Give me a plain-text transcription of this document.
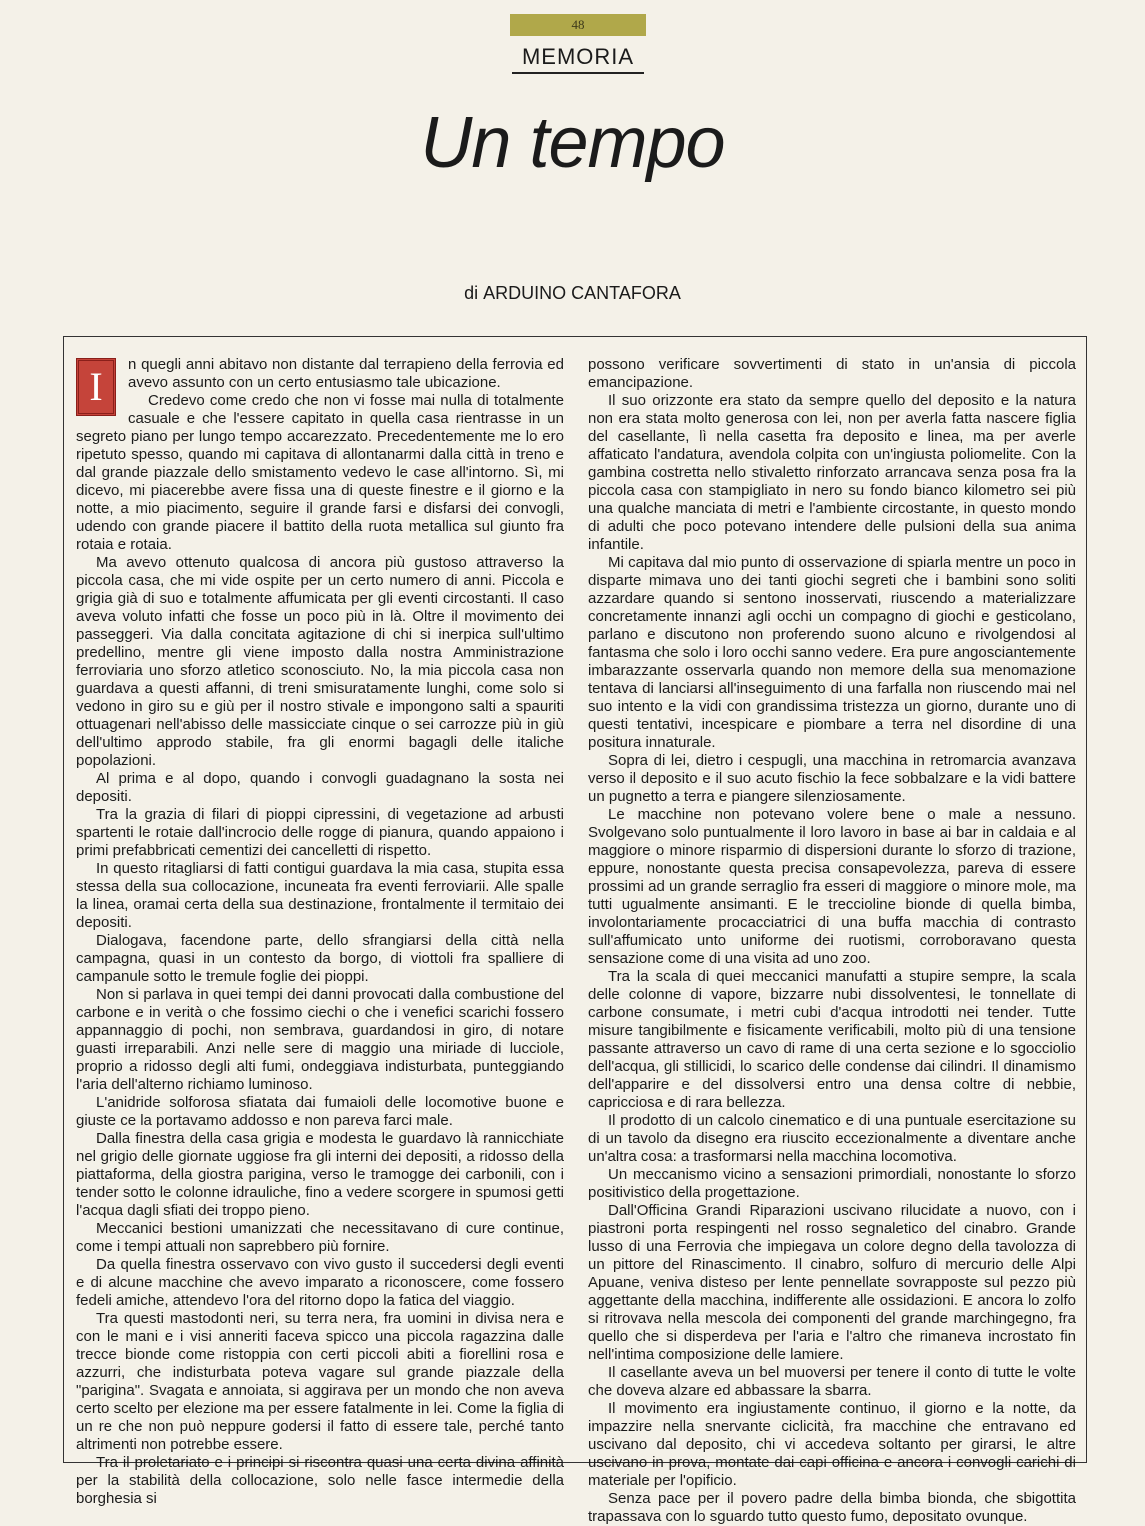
48
MEMORIA
Un tempo
di ARDUINO CANTAFORA
I	n quegli anni abitavo non distante dal terrapieno della ferrovia ed avevo assunto con un certo entusiasmo tale ubicazione.

Credevo come credo che non vi fosse mai nulla di totalmente casuale e che l'essere capitato in quella casa rientrasse in un segreto piano per lungo tempo accarezzato. Precedentemente me lo ero ripetuto spesso, quando mi capitava di allontanarmi dalla città in treno e dal grande piazzale dello smistamento vedevo le case all'intorno. Sì, mi dicevo, mi piacerebbe avere fissa una di queste finestre e il giorno e la notte, a mio piacimento, seguire il grande farsi e disfarsi dei convogli, udendo con grande piacere il battito della ruota metallica sul giunto fra rotaia e rotaia.

Ma avevo ottenuto qualcosa di ancora più gustoso attraverso la piccola casa, che mi vide ospite per un certo numero di anni. Piccola e grigia già di suo e totalmente affumicata per gli eventi circostanti. Il caso aveva voluto infatti che fosse un poco più in là. Oltre il movimento dei passeggeri. Via dalla concitata agitazione di chi si inerpica sull'ultimo predellino, mentre gli viene imposto dalla nostra Amministrazione ferroviaria uno sforzo atletico sconosciuto. No, la mia piccola casa non guardava a questi affanni, di treni smisuratamente lunghi, come solo si vedono in giro su e giù per il nostro stivale e impongono salti a spauriti ottuagenari nell'abisso delle massicciate cinque o sei carrozze più in giù dell'ultimo approdo stabile, fra gli enormi bagagli delle italiche popolazioni.

Al prima e al dopo, quando i convogli guadagnano la sosta nei depositi.

Tra la grazia di filari di pioppi cipressini, di vegetazione ad arbusti spartenti le rotaie dall'incrocio delle rogge di pianura, quando appaiono i primi prefabbricati cementizi dei cancelletti di rispetto.

In questo ritagliarsi di fatti contigui guardava la mia casa, stupita essa stessa della sua collocazione, incuneata fra eventi ferroviarii. Alle spalle la linea, oramai certa della sua destinazione, frontalmente il termitaio dei depositi.

Dialogava, facendone parte, dello sfrangiarsi della città nella campagna, quasi in un contesto da borgo, di viottoli fra spalliere di campanule sotto le tremule foglie dei pioppi.

Non si parlava in quei tempi dei danni provocati dalla combustione del carbone e in verità o che fossimo ciechi o che i venefici scarichi fossero appannaggio di pochi, non sembrava, guardandosi in giro, di notare guasti irreparabili. Anzi nelle sere di maggio una miriade di lucciole, proprio a ridosso degli alti fumi, ondeggiava indisturbata, punteggiando l'aria dell'alterno richiamo luminoso.

L'anidride solforosa sfiatata dai fumaioli delle locomotive buone e giuste ce la portavamo addosso e non pareva farci male.

Dalla finestra della casa grigia e modesta le guardavo là rannicchiate nel grigio delle giornate uggiose fra gli interni dei depositi, a ridosso della piattaforma, della giostra parigina, verso le tramogge dei carbonili, con i tender sotto le colonne idrauliche, fino a vedere scorgere in spumosi getti l'acqua dagli sfiati dei troppo pieno.

Meccanici bestioni umanizzati che necessitavano di cure continue, come i tempi attuali non saprebbero più fornire.

Da quella finestra osservavo con vivo gusto il succedersi degli eventi e di alcune macchine che avevo imparato a riconoscere, come fossero fedeli amiche, attendevo l'ora del ritorno dopo la fatica del viaggio.

Tra questi mastodonti neri, su terra nera, fra uomini in divisa nera e con le mani e i visi anneriti faceva spicco una piccola ragazzina dalle trecce bionde come ristoppia con certi piccoli abiti a fiorellini rosa e azzurri, che indisturbata poteva vagare sul grande piazzale della "parigina". Svagata e annoiata, si aggirava per un mondo che non aveva certo scelto per elezione ma per essere fatalmente in lei. Come la figlia di un re che non può neppure godersi il fatto di essere tale, perché tanto altrimenti non potrebbe essere.

Tra il proletariato e i principi si riscontra quasi una certa divina affinità per la stabilità della collocazione, solo nelle fasce intermedie della borghesia si

possono verificare sovvertimenti di stato in un'ansia di piccola emancipazione.

Il suo orizzonte era stato da sempre quello del deposito e la natura non era stata molto generosa con lei, non per averla fatta nascere figlia del casellante, lì nella casetta fra deposito e linea, ma per averle affaticato l'andatura, avendola colpita con un'ingiusta poliomelite. Con la gambina costretta nello stivaletto rinforzato arrancava senza posa fra la piccola casa con stampigliato in nero su fondo bianco kilometro sei più una qualche manciata di metri e l'ambiente circostante, in questo mondo di adulti che poco potevano intendere delle pulsioni della sua anima infantile.

Mi capitava dal mio punto di osservazione di spiarla mentre un poco in disparte mimava uno dei tanti giochi segreti che i bambini sono soliti azzardare quando si sentono inosservati, riuscendo a materializzare concretamente innanzi agli occhi un compagno di giochi e gesticolano, parlano e discutono non proferendo suono alcuno e rivolgendosi al fantasma che solo i loro occhi sanno vedere. Era pure angosciantemente imbarazzante osservarla quando non memore della sua menomazione tentava di lanciarsi all'inseguimento di una farfalla non riuscendo mai nel suo intento e la vidi con grandissima tristezza un giorno, durante uno di questi tentativi, incespicare e piombare a terra nel disordine di una positura innaturale.

Sopra di lei, dietro i cespugli, una macchina in retromarcia avanzava verso il deposito e il suo acuto fischio la fece sobbalzare e la vidi battere un pugnetto a terra e piangere silenziosamente.

Le macchine non potevano volere bene o male a nessuno. Svolgevano solo puntualmente il loro lavoro in base ai bar in caldaia e al maggiore o minore risparmio di dispersioni durante lo sforzo di trazione, eppure, nonostante questa precisa consapevolezza, pareva di essere prossimi ad un grande serraglio fra esseri di maggiore o minore mole, ma tutti ugualmente ansimanti. E le treccioline bionde di quella bimba, involontariamente procacciatrici di una buffa macchia di contrasto sull'affumicato unto uniforme dei ruotismi, corroboravano questa sensazione come di una visita ad uno zoo.

Tra la scala di quei meccanici manufatti a stupire sempre, la scala delle colonne di vapore, bizzarre nubi dissolventesi, le tonnellate di carbone consumate, i metri cubi d'acqua introdotti nei tender. Tutte misure tangibilmente e fisicamente verificabili, molto più di una tensione passante attraverso un cavo di rame di una certa sezione e lo sgocciolio dell'acqua, gli stillicidi, lo scarico delle condense dai cilindri. Il dinamismo dell'apparire e del dissolversi entro una densa coltre di nebbie, capricciosa e di rara bellezza.

Il prodotto di un calcolo cinematico e di una puntuale esercitazione su di un tavolo da disegno era riuscito eccezionalmente a diventare anche un'altra cosa: a trasformarsi nella macchina locomotiva.

Un meccanismo vicino a sensazioni primordiali, nonostante lo sforzo positivistico della progettazione.

Dall'Officina Grandi Riparazioni uscivano rilucidate a nuovo, con i piastroni porta respingenti nel rosso segnaletico del cinabro. Grande lusso di una Ferrovia che impiegava un colore degno della tavolozza di un pittore del Rinascimento. Il cinabro, solfuro di mercurio delle Alpi Apuane, veniva disteso per lente pennellate sovrapposte sul pezzo più aggettante della macchina, indifferente alle ossidazioni. E ancora lo zolfo si ritrovava nella mescola dei componenti del grande marchingegno, fra quello che si disperdeva per l'aria e l'altro che rimaneva incrostato fin nell'intima composizione delle lamiere.

Il casellante aveva un bel muoversi per tenere il conto di tutte le volte che doveva alzare ed abbassare la sbarra.

Il movimento era ingiustamente continuo, il giorno e la notte, da impazzire nella snervante ciclicità, fra macchine che entravano ed uscivano dal deposito, chi vi accedeva soltanto per girarsi, le altre uscivano in prova, montate dai capi officina e ancora i convogli carichi di materiale per l'opificio.

Senza pace per il povero padre della bimba bionda, che sbigottita trapassava con lo sguardo tutto questo fumo, depositato ovunque.
